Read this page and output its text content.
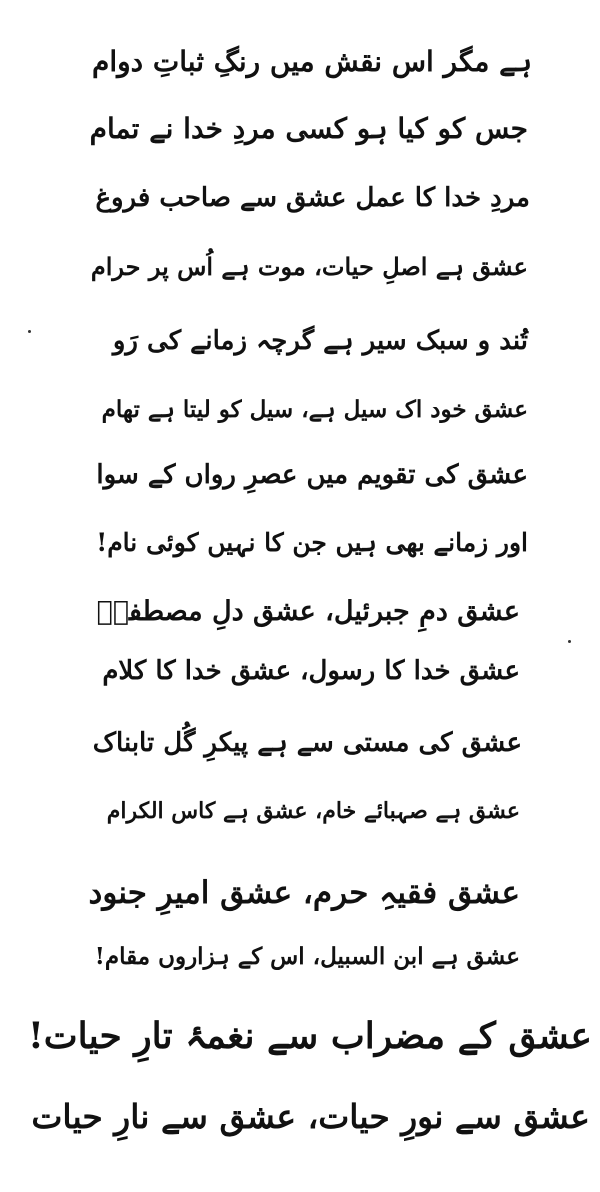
ہے مگر اس نقش میں رنگِ ثباتِ دوام
جس کو کیا ہو کسی مردِ خدا نے تمام
مردِ خدا کا عمل عشق سے صاحب فروغ
عشق ہے اصلِ حیات، موت ہے اُس پر حرام
تُند و سبک سیر ہے گرچہ زمانے کی رَو
عشق خود اک سیل ہے، سیل کو لیتا ہے تھام
عشق کی تقویم میں عصرِ رواں کے سوا
اور زمانے بھی ہیں جن کا نہیں کوئی نام!
عشق دمِ جبرئیل، عشق دلِ مصطفیؐ
عشق خدا کا رسول، عشق خدا کا کلام
عشق کی مستی سے ہے پیکرِ گُل تابناک
عشق ہے صہبائے خام، عشق ہے کاس الکرام
عشق فقیہِ حرم، عشق امیرِ جنود
عشق ہے ابن السبیل، اس کے ہزاروں مقام!
عشق کے مضراب سے نغمۂ تارِ حیات!
عشق سے نورِ حیات، عشق سے نارِ حیات
